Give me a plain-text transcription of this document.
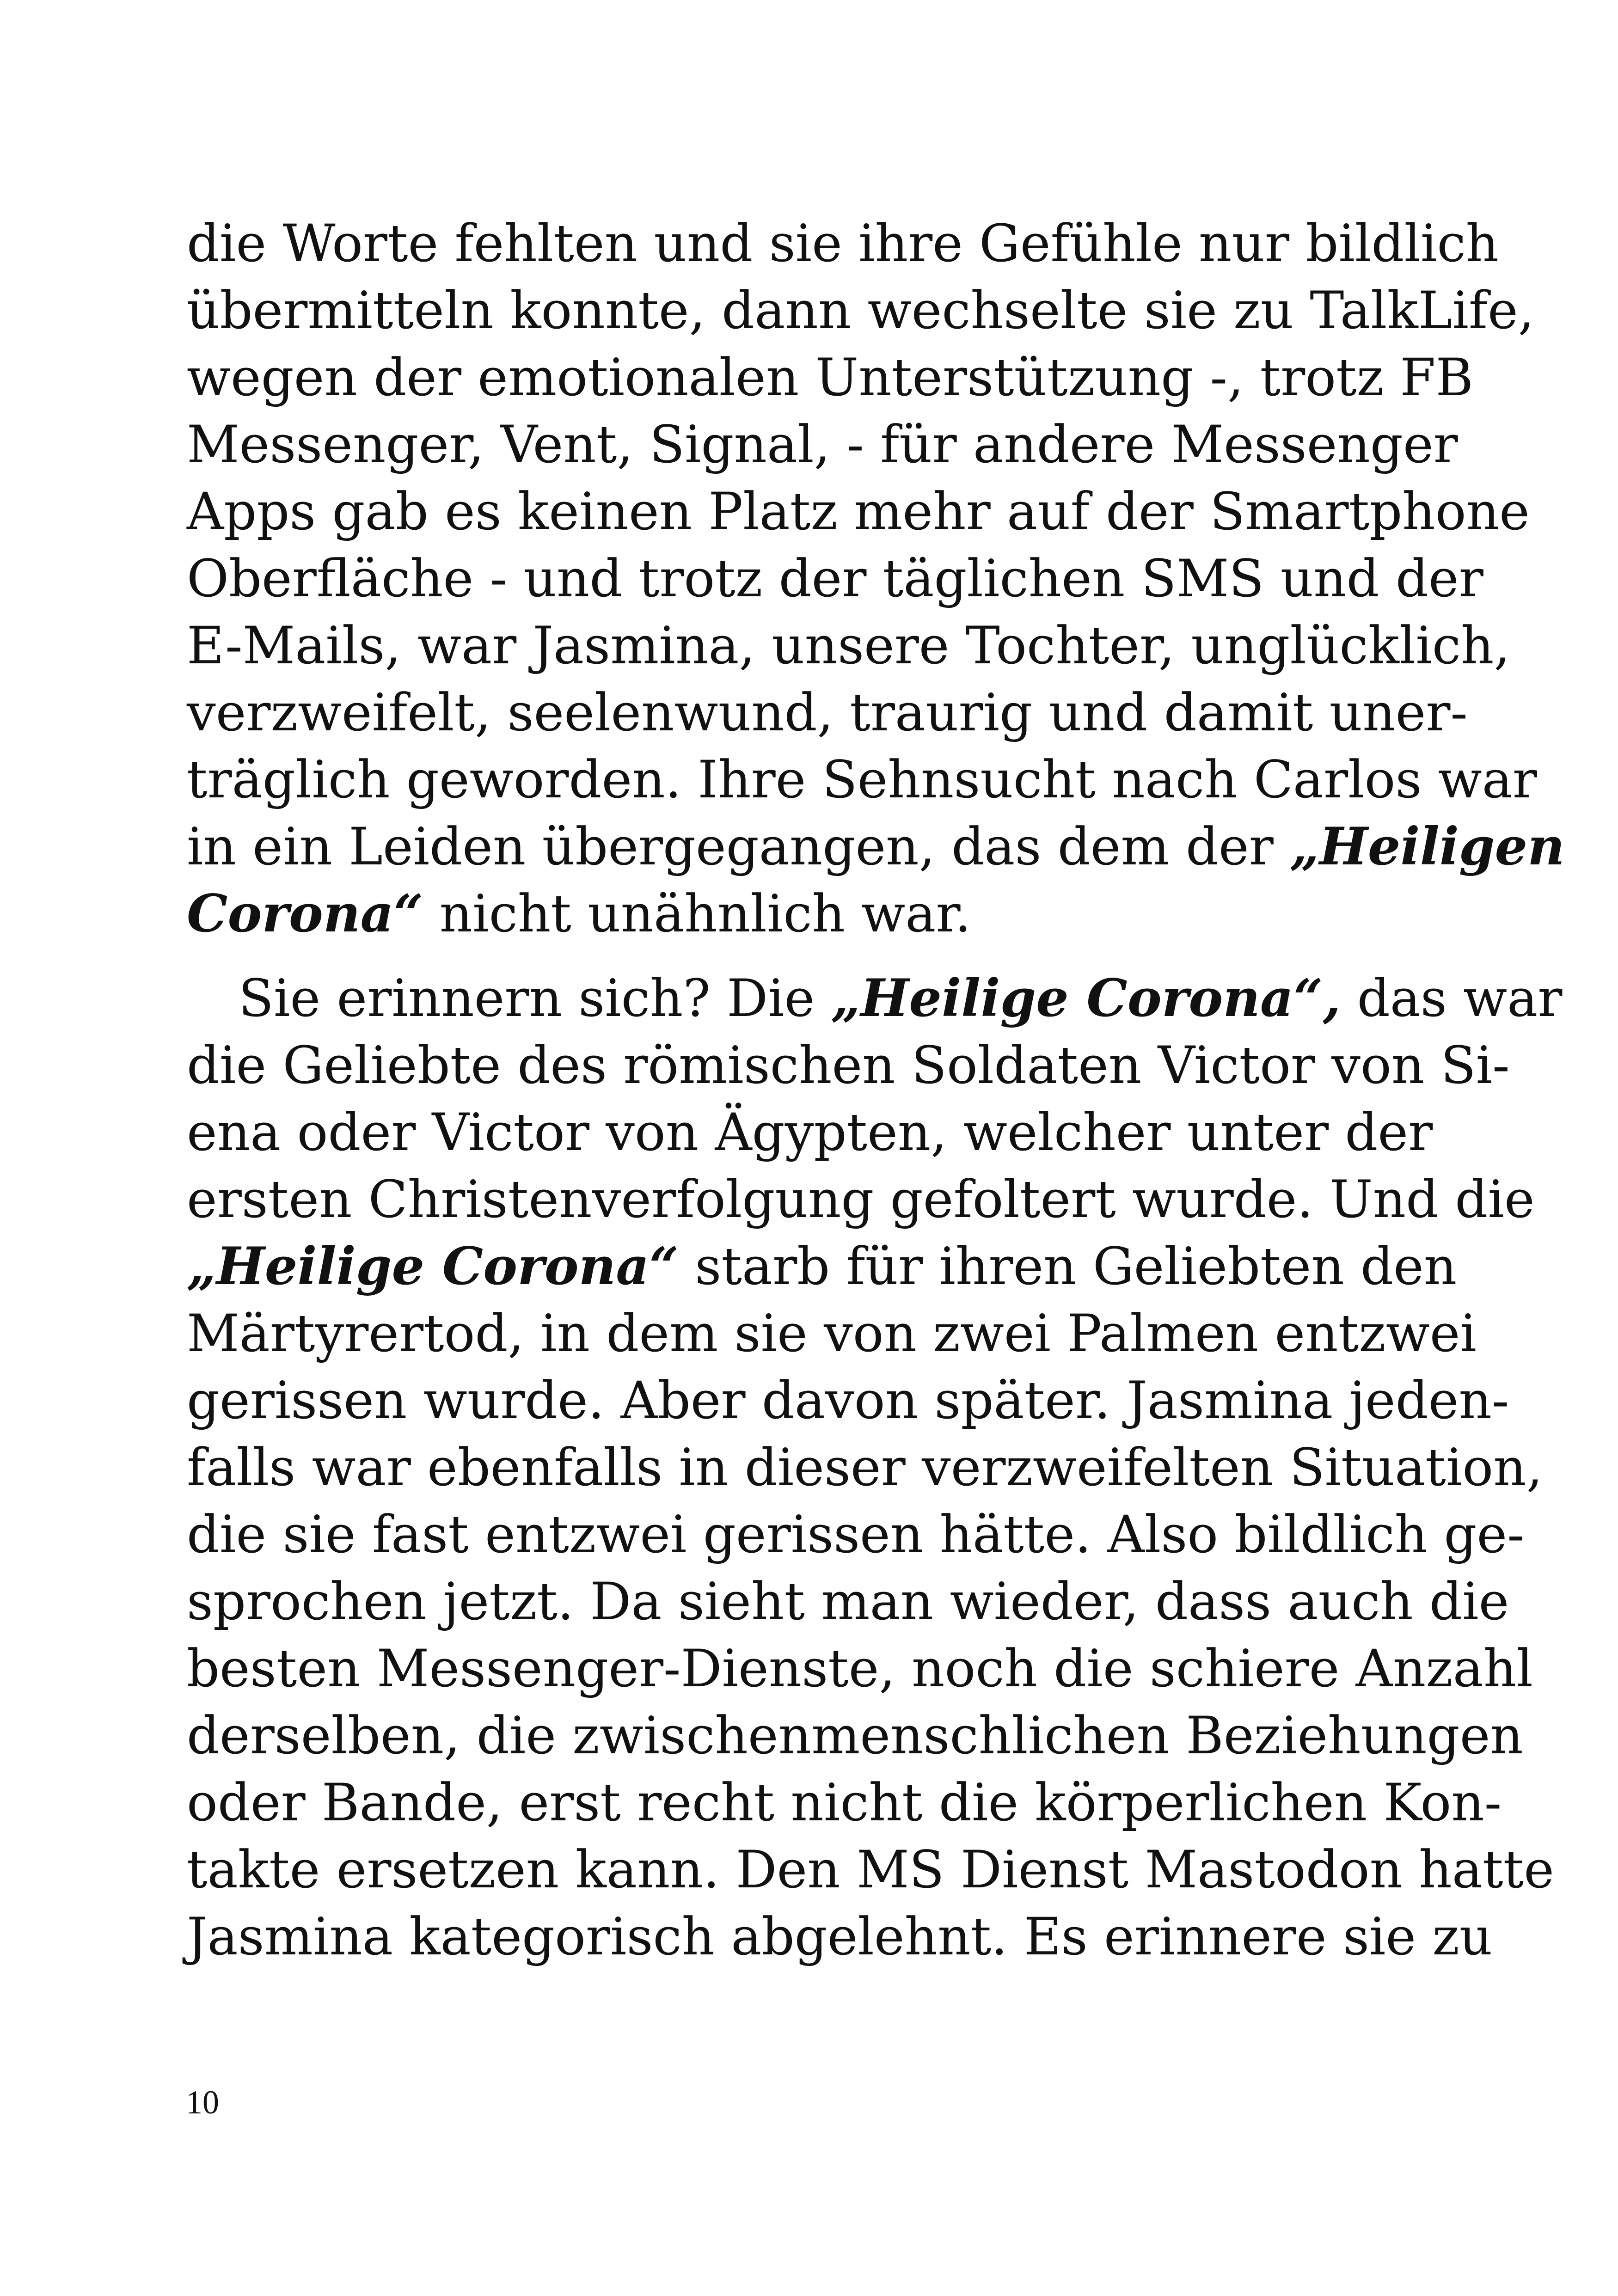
die Worte fehlten und sie ihre Gefühle nur bildlich
übermitteln konnte, dann wechselte sie zu TalkLife,
wegen der emotionalen Unterstützung -, trotz FB
Messenger, Vent, Signal, - für andere Messenger
Apps gab es keinen Platz mehr auf der Smartphone
Oberfläche - und trotz der täglichen SMS und der
E-Mails, war Jasmina, unsere Tochter, unglücklich,
verzweifelt, seelenwund, traurig und damit uner-
träglich geworden. Ihre Sehnsucht nach Carlos war
in ein Leiden übergegangen, das dem der „Heiligen
Corona“ nicht unähnlich war.

Sie erinnern sich? Die „Heilige Corona“, das war
die Geliebte des römischen Soldaten Victor von Si-
ena oder Victor von Ägypten, welcher unter der
ersten Christenverfolgung gefoltert wurde. Und die
„Heilige Corona“ starb für ihren Geliebten den
Märtyrertod, in dem sie von zwei Palmen entzwei
gerissen wurde. Aber davon später. Jasmina jeden-
falls war ebenfalls in dieser verzweifelten Situation,
die sie fast entzwei gerissen hätte. Also bildlich ge-
sprochen jetzt. Da sieht man wieder, dass auch die
besten Messenger-Dienste, noch die schiere Anzahl
derselben, die zwischenmenschlichen Beziehungen
oder Bande, erst recht nicht die körperlichen Kon-
takte ersetzen kann. Den MS Dienst Mastodon hatte
Jasmina kategorisch abgelehnt. Es erinnere sie zu

10
